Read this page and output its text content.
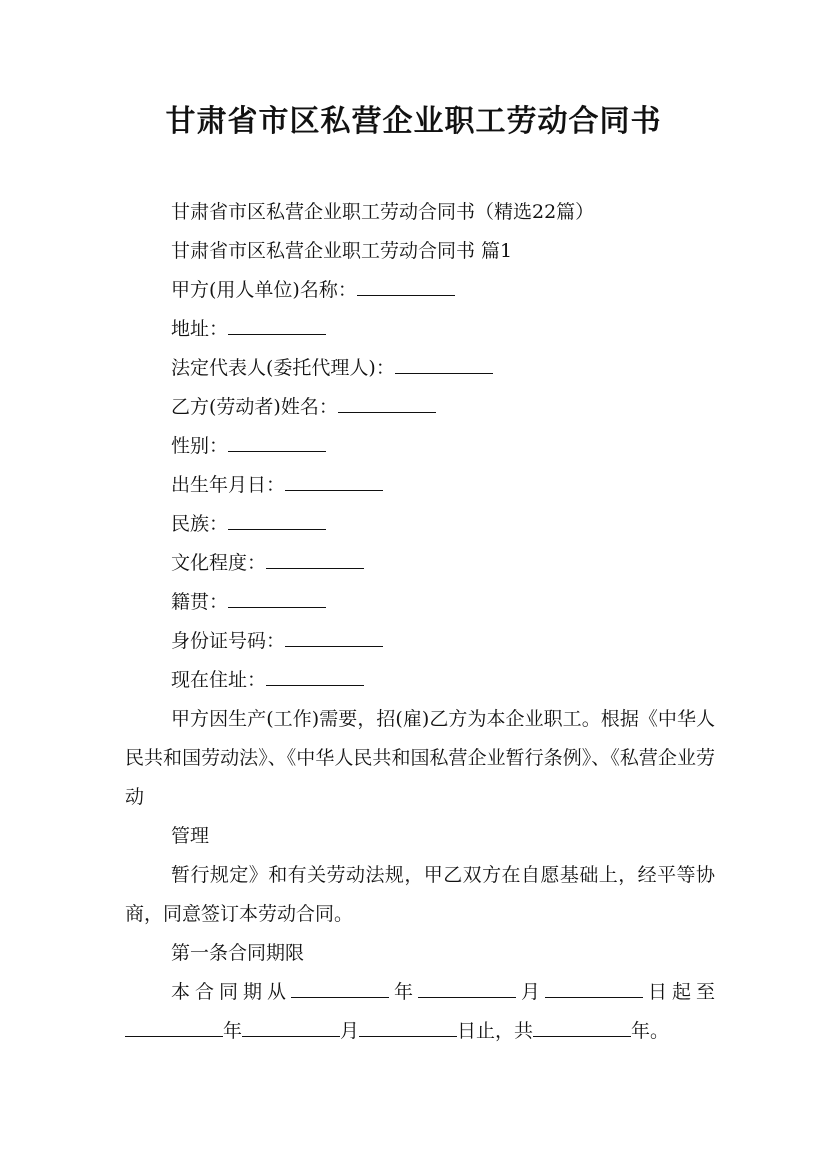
甘肃省市区私营企业职工劳动合同书
甘肃省市区私营企业职工劳动合同书（精选22篇）
甘肃省市区私营企业职工劳动合同书 篇1
甲方(用人单位)名称：
地址：
法定代表人(委托代理人)：
乙方(劳动者)姓名：
性别：
出生年月日：
民族：
文化程度：
籍贯：
身份证号码：
现在住址：
甲方因生产(工作)需要，招(雇)乙方为本企业职工。根据《中华人民共和国劳动法》、《中华人民共和国私营企业暂行条例》、《私营企业劳动
管理
暂行规定》和有关劳动法规，甲乙双方在自愿基础上，经平等协商，同意签订本劳动合同。
第一条合同期限
本合同期从	年	月	日起至年	月	日止，共	年。
